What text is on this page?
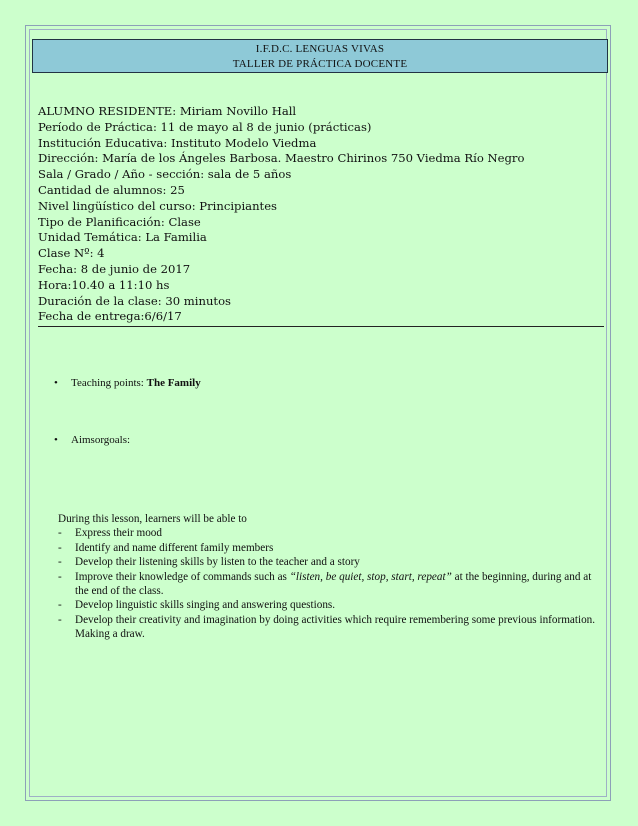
I.F.D.C. LENGUAS VIVAS
TALLER DE PRÁCTICA DOCENTE
ALUMNO RESIDENTE: Miriam Novillo Hall
Período de Práctica: 11 de mayo al 8 de junio (prácticas)
Institución Educativa: Instituto Modelo Viedma
Dirección: María de los Ángeles Barbosa. Maestro Chirinos 750 Viedma Río Negro
Sala / Grado / Año - sección: sala de 5 años
Cantidad de alumnos: 25
Nivel lingüístico del curso: Principiantes
Tipo de Planificación: Clase
Unidad Temática: La Familia
Clase Nº: 4
Fecha: 8 de junio de 2017
Hora:10.40 a 11:10 hs
Duración de la clase: 30 minutos
Fecha de entrega:6/6/17
• Teaching points: The Family
• Aimsorgoals:
During this lesson, learners will be able to
- Express their mood
- Identify and name different family members
- Develop their listening skills by listen to the teacher and a story
- Improve their knowledge of commands such as “listen, be quiet, stop, start, repeat” at the beginning, during and at the end of the class.
- Develop linguistic skills singing and answering questions.
- Develop their creativity and imagination by doing activities which require remembering some previous information. Making a draw.
